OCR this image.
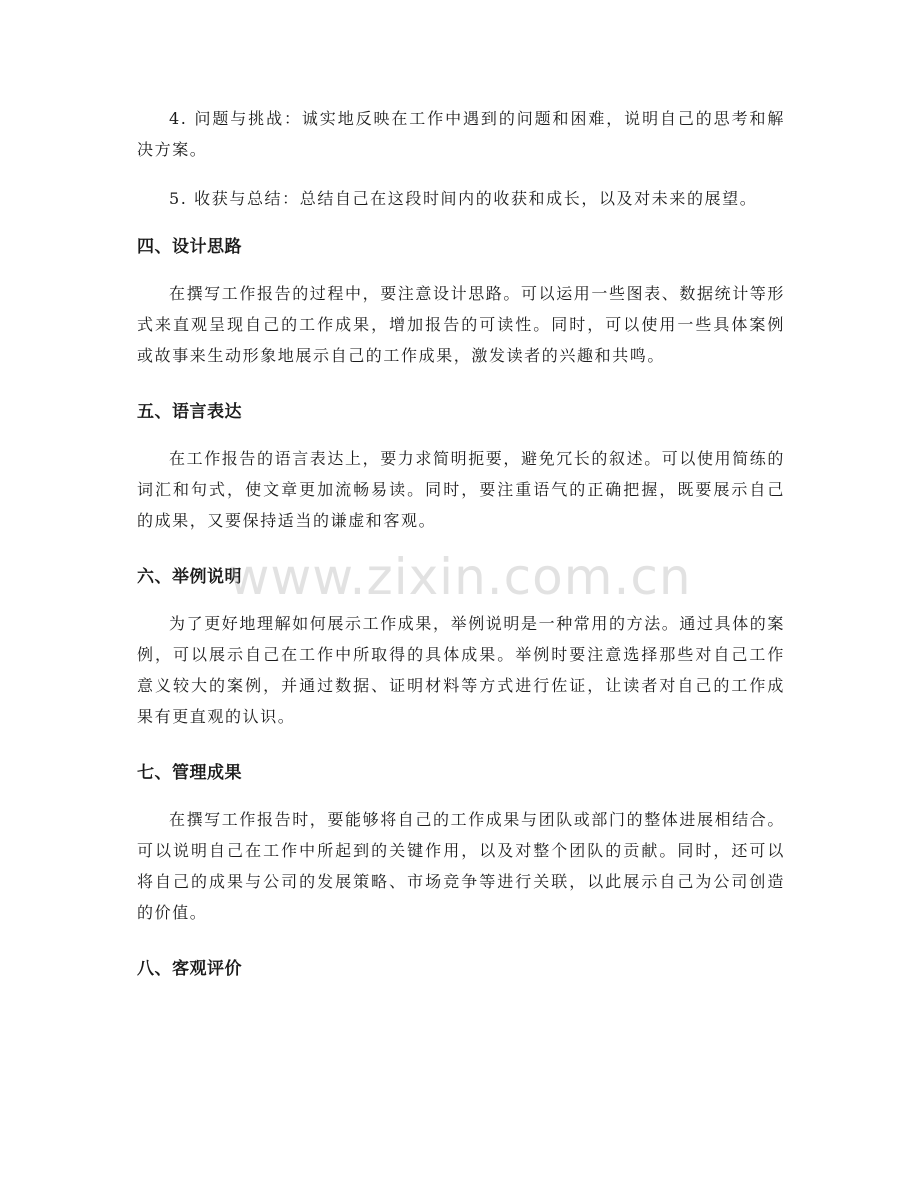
4. 问题与挑战：诚实地反映在工作中遇到的问题和困难，说明自己的思考和解决方案。

5. 收获与总结：总结自己在这段时间内的收获和成长，以及对未来的展望。

四、设计思路

在撰写工作报告的过程中，要注意设计思路。可以运用一些图表、数据统计等形式来直观呈现自己的工作成果，增加报告的可读性。同时，可以使用一些具体案例或故事来生动形象地展示自己的工作成果，激发读者的兴趣和共鸣。

五、语言表达

在工作报告的语言表达上，要力求简明扼要，避免冗长的叙述。可以使用简练的词汇和句式，使文章更加流畅易读。同时，要注重语气的正确把握，既要展示自己的成果，又要保持适当的谦虚和客观。

六、举例说明

为了更好地理解如何展示工作成果，举例说明是一种常用的方法。通过具体的案例，可以展示自己在工作中所取得的具体成果。举例时要注意选择那些对自己工作意义较大的案例，并通过数据、证明材料等方式进行佐证，让读者对自己的工作成果有更直观的认识。

七、管理成果

在撰写工作报告时，要能够将自己的工作成果与团队或部门的整体进展相结合。可以说明自己在工作中所起到的关键作用，以及对整个团队的贡献。同时，还可以将自己的成果与公司的发展策略、市场竞争等进行关联，以此展示自己为公司创造的价值。

八、客观评价
www.zixin.com.cn
